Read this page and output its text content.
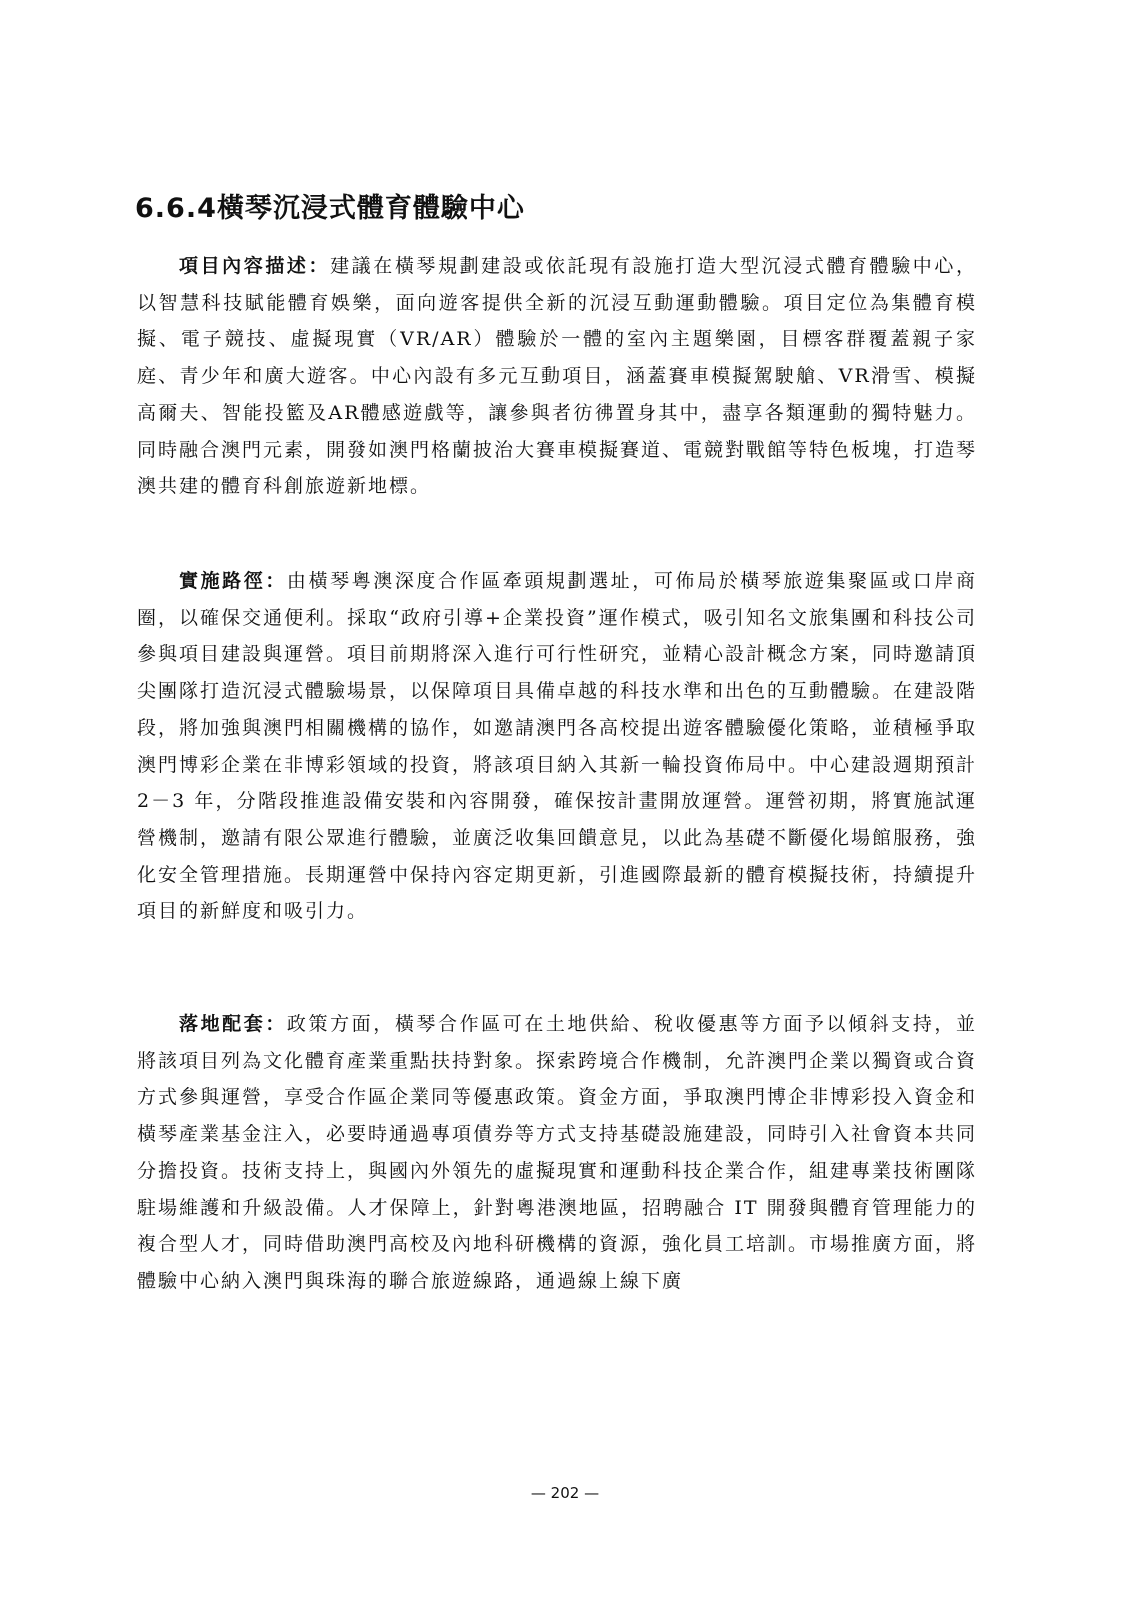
6.6.4橫琴沉浸式體育體驗中心

項目內容描述：建議在橫琴規劃建設或依託現有設施打造大型沉浸式體育體驗中心，以智慧科技賦能體育娛樂，面向遊客提供全新的沉浸互動運動體驗。項目定位為集體育模擬、電子競技、虛擬現實（VR/AR）體驗於一體的室內主題樂園，目標客群覆蓋親子家庭、青少年和廣大遊客。中心內設有多元互動項目，涵蓋賽車模擬駕駛艙、VR滑雪、模擬高爾夫、智能投籃及AR體感遊戲等，讓參與者彷彿置身其中，盡享各類運動的獨特魅力。同時融合澳門元素，開發如澳門格蘭披治大賽車模擬賽道、電競對戰館等特色板塊，打造琴澳共建的體育科創旅遊新地標。

實施路徑：由橫琴粵澳深度合作區牽頭規劃選址，可佈局於橫琴旅遊集聚區或口岸商圈，以確保交通便利。採取“政府引導+企業投資”運作模式，吸引知名文旅集團和科技公司參與項目建設與運營。項目前期將深入進行可行性研究，並精心設計概念方案，同時邀請頂尖團隊打造沉浸式體驗場景，以保障項目具備卓越的科技水準和出色的互動體驗。在建設階段，將加強與澳門相關機構的協作，如邀請澳門各高校提出遊客體驗優化策略，並積極爭取澳門博彩企業在非博彩領域的投資，將該項目納入其新一輪投資佈局中。中心建設週期預計 2－3 年，分階段推進設備安裝和內容開發，確保按計畫開放運營。運營初期，將實施試運營機制，邀請有限公眾進行體驗，並廣泛收集回饋意見，以此為基礎不斷優化場館服務，強化安全管理措施。長期運營中保持內容定期更新，引進國際最新的體育模擬技術，持續提升項目的新鮮度和吸引力。

落地配套：政策方面，橫琴合作區可在土地供給、稅收優惠等方面予以傾斜支持，並將該項目列為文化體育產業重點扶持對象。探索跨境合作機制，允許澳門企業以獨資或合資方式參與運營，享受合作區企業同等優惠政策。資金方面，爭取澳門博企非博彩投入資金和橫琴產業基金注入，必要時通過專項債券等方式支持基礎設施建設，同時引入社會資本共同分擔投資。技術支持上，與國內外領先的虛擬現實和運動科技企業合作，組建專業技術團隊駐場維護和升級設備。人才保障上，針對粵港澳地區，招聘融合 IT 開發與體育管理能力的複合型人才，同時借助澳門高校及內地科研機構的資源，強化員工培訓。市場推廣方面，將體驗中心納入澳門與珠海的聯合旅遊線路，通過線上線下廣

— 202 —
